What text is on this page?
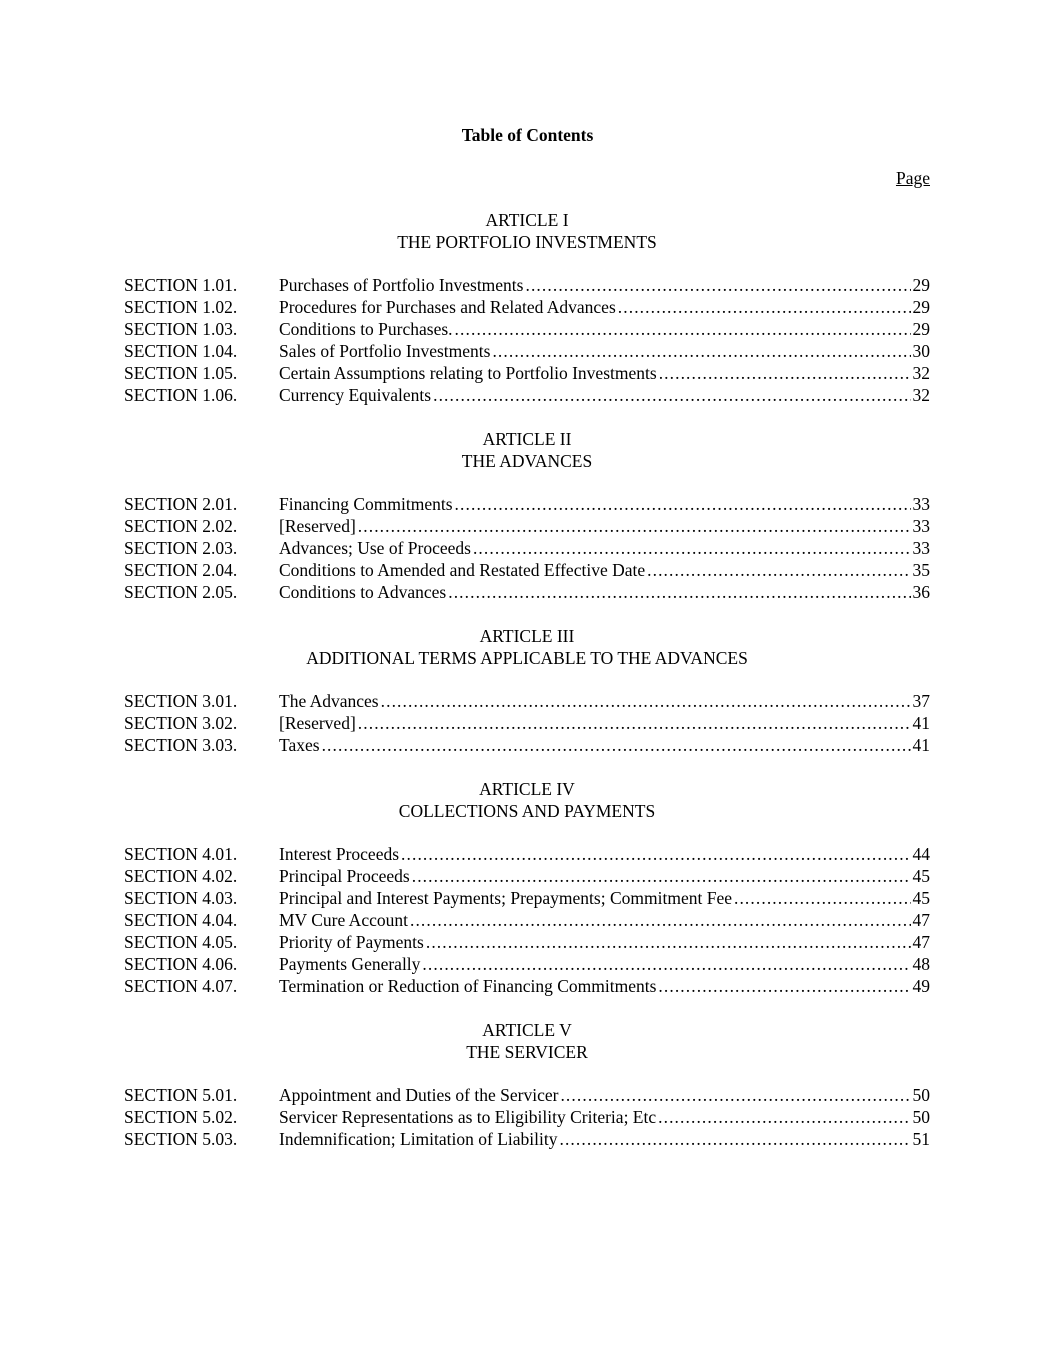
Table of Contents
Page
ARTICLE I
THE PORTFOLIO INVESTMENTS
SECTION 1.01.	Purchases of Portfolio Investments .....	29
SECTION 1.02.	Procedures for Purchases and Related Advances .....	29
SECTION 1.03.	Conditions to Purchases. .....	29
SECTION 1.04.	Sales of Portfolio Investments .....	30
SECTION 1.05.	Certain Assumptions relating to Portfolio Investments .....	32
SECTION 1.06.	Currency Equivalents .....	32
ARTICLE II
THE ADVANCES
SECTION 2.01.	Financing Commitments .....	33
SECTION 2.02.	[Reserved] .....	33
SECTION 2.03.	Advances; Use of Proceeds .....	33
SECTION 2.04.	Conditions to Amended and Restated Effective Date .....	35
SECTION 2.05.	Conditions to Advances .....	36
ARTICLE III
ADDITIONAL TERMS APPLICABLE TO THE ADVANCES
SECTION 3.01.	The Advances .....	37
SECTION 3.02.	[Reserved] .....	41
SECTION 3.03.	Taxes .....	41
ARTICLE IV
COLLECTIONS AND PAYMENTS
SECTION 4.01.	Interest Proceeds .....	44
SECTION 4.02.	Principal Proceeds .....	45
SECTION 4.03.	Principal and Interest Payments; Prepayments; Commitment Fee .....	45
SECTION 4.04.	MV Cure Account .....	47
SECTION 4.05.	Priority of Payments .....	47
SECTION 4.06.	Payments Generally .....	48
SECTION 4.07.	Termination or Reduction of Financing Commitments .....	49
ARTICLE V
THE SERVICER
SECTION 5.01.	Appointment and Duties of the Servicer .....	50
SECTION 5.02.	Servicer Representations as to Eligibility Criteria; Etc .....	50
SECTION 5.03.	Indemnification; Limitation of Liability .....	51
